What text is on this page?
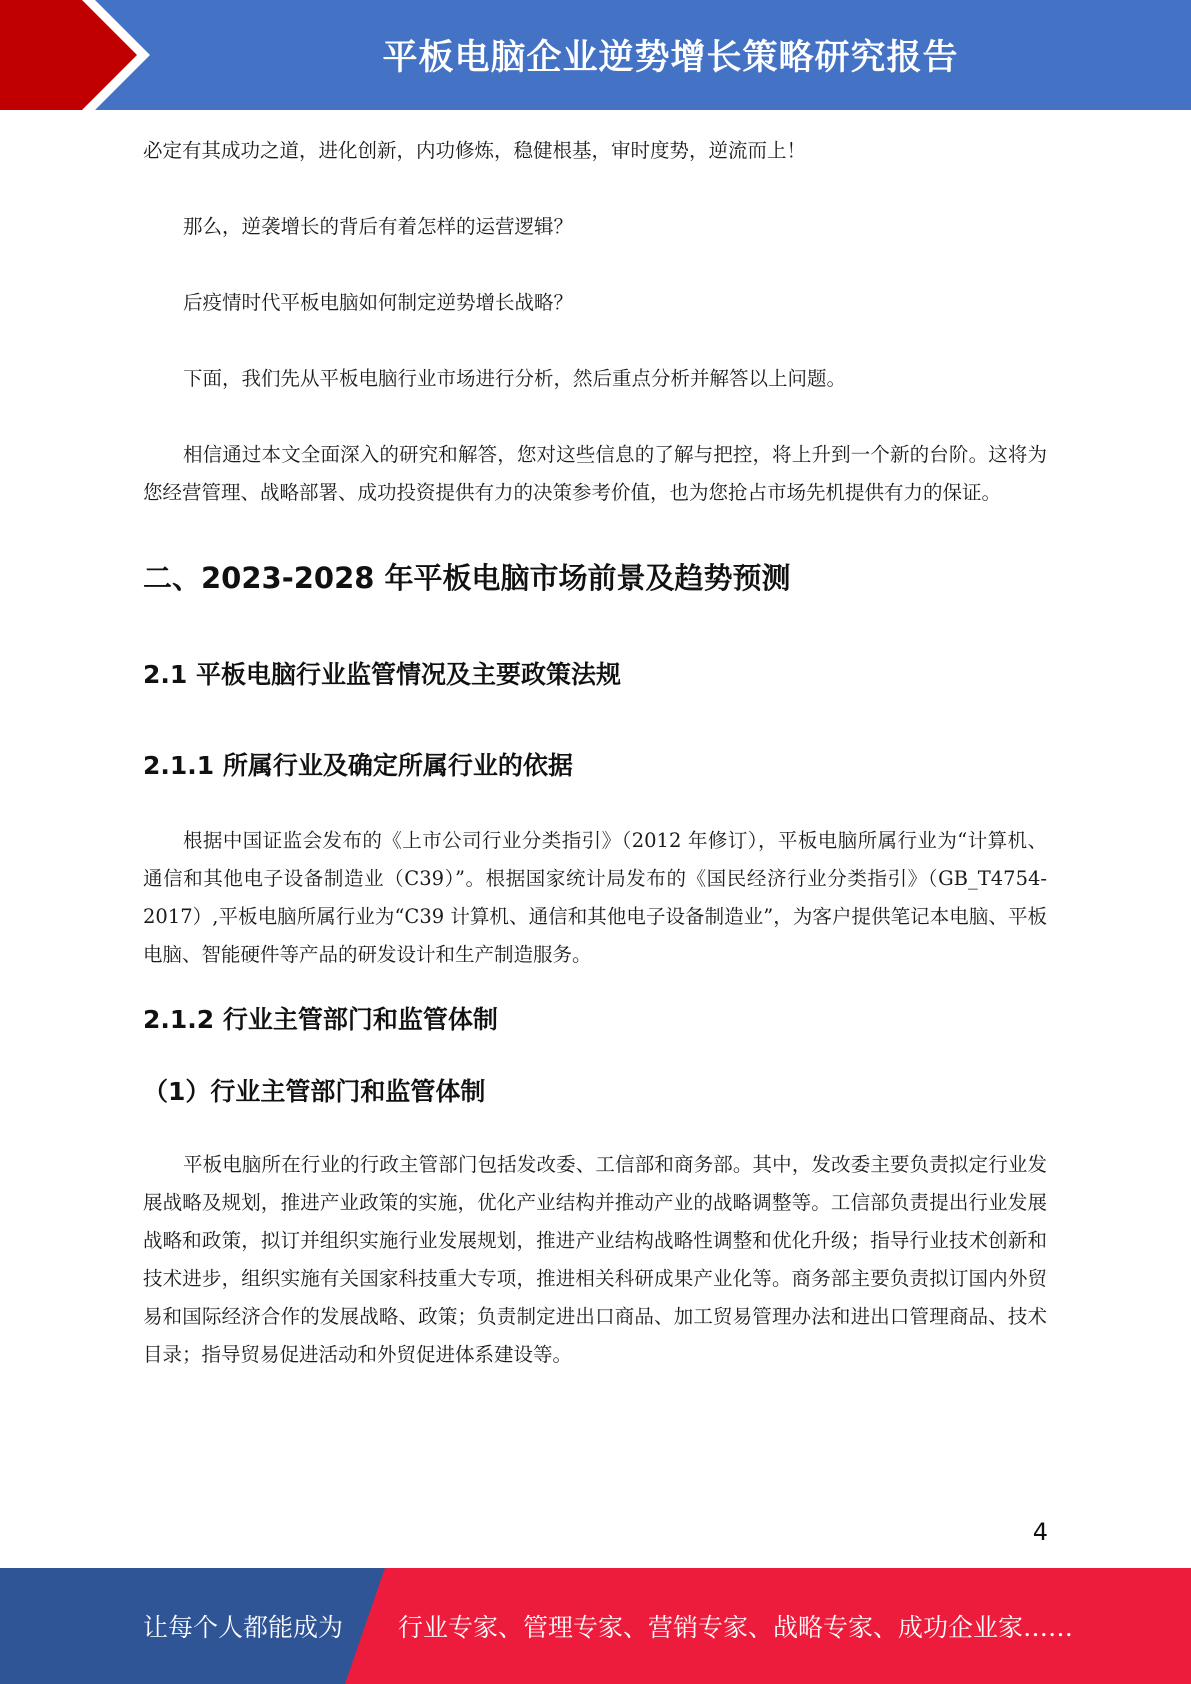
平板电脑企业逆势增长策略研究报告

必定有其成功之道，进化创新，内功修炼，稳健根基，审时度势，逆流而上！

那么，逆袭增长的背后有着怎样的运营逻辑？

后疫情时代平板电脑如何制定逆势增长战略？

下面，我们先从平板电脑行业市场进行分析，然后重点分析并解答以上问题。

相信通过本文全面深入的研究和解答，您对这些信息的了解与把控，将上升到一个新的台阶。这将为您经营管理、战略部署、成功投资提供有力的决策参考价值，也为您抢占市场先机提供有力的保证。

二、2023-2028 年平板电脑市场前景及趋势预测
2.1 平板电脑行业监管情况及主要政策法规
2.1.1 所属行业及确定所属行业的依据

根据中国证监会发布的《上市公司行业分类指引》（2012 年修订），平板电脑所属行业为“计算机、通信和其他电子设备制造业（C39）”。根据国家统计局发布的《国民经济行业分类指引》（GB_T4754-2017）,平板电脑所属行业为“C39 计算机、通信和其他电子设备制造业”，为客户提供笔记本电脑、平板电脑、智能硬件等产品的研发设计和生产制造服务。

2.1.2 行业主管部门和监管体制
（1）行业主管部门和监管体制

平板电脑所在行业的行政主管部门包括发改委、工信部和商务部。其中，发改委主要负责拟定行业发展战略及规划，推进产业政策的实施，优化产业结构并推动产业的战略调整等。工信部负责提出行业发展战略和政策，拟订并组织实施行业发展规划，推进产业结构战略性调整和优化升级；指导行业技术创新和技术进步，组织实施有关国家科技重大专项，推进相关科研成果产业化等。商务部主要负责拟订国内外贸易和国际经济合作的发展战略、政策；负责制定进出口商品、加工贸易管理办法和进出口管理商品、技术目录；指导贸易促进活动和外贸促进体系建设等。

4
让每个人都能成为 行业专家、管理专家、营销专家、战略专家、成功企业家……
